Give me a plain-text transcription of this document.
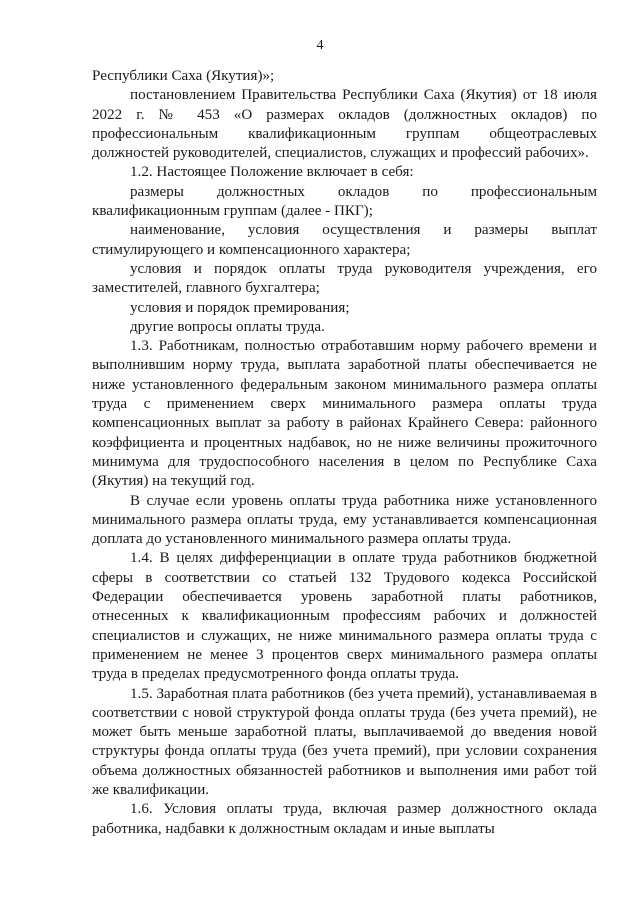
4

Республики Саха (Якутия)»;

постановлением Правительства Республики Саха (Якутия) от 18 июля 2022 г. № 453 «О размерах окладов (должностных окладов) по профессиональным квалификационным группам общеотраслевых должностей руководителей, специалистов, служащих и профессий рабочих».

1.2. Настоящее Положение включает в себя:

размеры должностных окладов по профессиональным квалификационным группам (далее - ПКГ);

наименование, условия осуществления и размеры выплат стимулирующего и компенсационного характера;

условия и порядок оплаты труда руководителя учреждения, его заместителей, главного бухгалтера;

условия и порядок премирования;

другие вопросы оплаты труда.

1.3. Работникам, полностью отработавшим норму рабочего времени и выполнившим норму труда, выплата заработной платы обеспечивается не ниже установленного федеральным законом минимального размера оплаты труда с применением сверх минимального размера оплаты труда компенсационных выплат за работу в районах Крайнего Севера: районного коэффициента и процентных надбавок, но не ниже величины прожиточного минимума для трудоспособного населения в целом по Республике Саха (Якутия) на текущий год.

В случае если уровень оплаты труда работника ниже установленного минимального размера оплаты труда, ему устанавливается компенсационная доплата до установленного минимального размера оплаты труда.

1.4. В целях дифференциации в оплате труда работников бюджетной сферы в соответствии со статьей 132 Трудового кодекса Российской Федерации обеспечивается уровень заработной платы работников, отнесенных к квалификационным профессиям рабочих и должностей специалистов и служащих, не ниже минимального размера оплаты труда с применением не менее 3 процентов сверх минимального размера оплаты труда в пределах предусмотренного фонда оплаты труда.

1.5. Заработная плата работников (без учета премий), устанавливаемая в соответствии с новой структурой фонда оплаты труда (без учета премий), не может быть меньше заработной платы, выплачиваемой до введения новой структуры фонда оплаты труда (без учета премий), при условии сохранения объема должностных обязанностей работников и выполнения ими работ той же квалификации.

1.6. Условия оплаты труда, включая размер должностного оклада работника, надбавки к должностным окладам и иные выплаты
